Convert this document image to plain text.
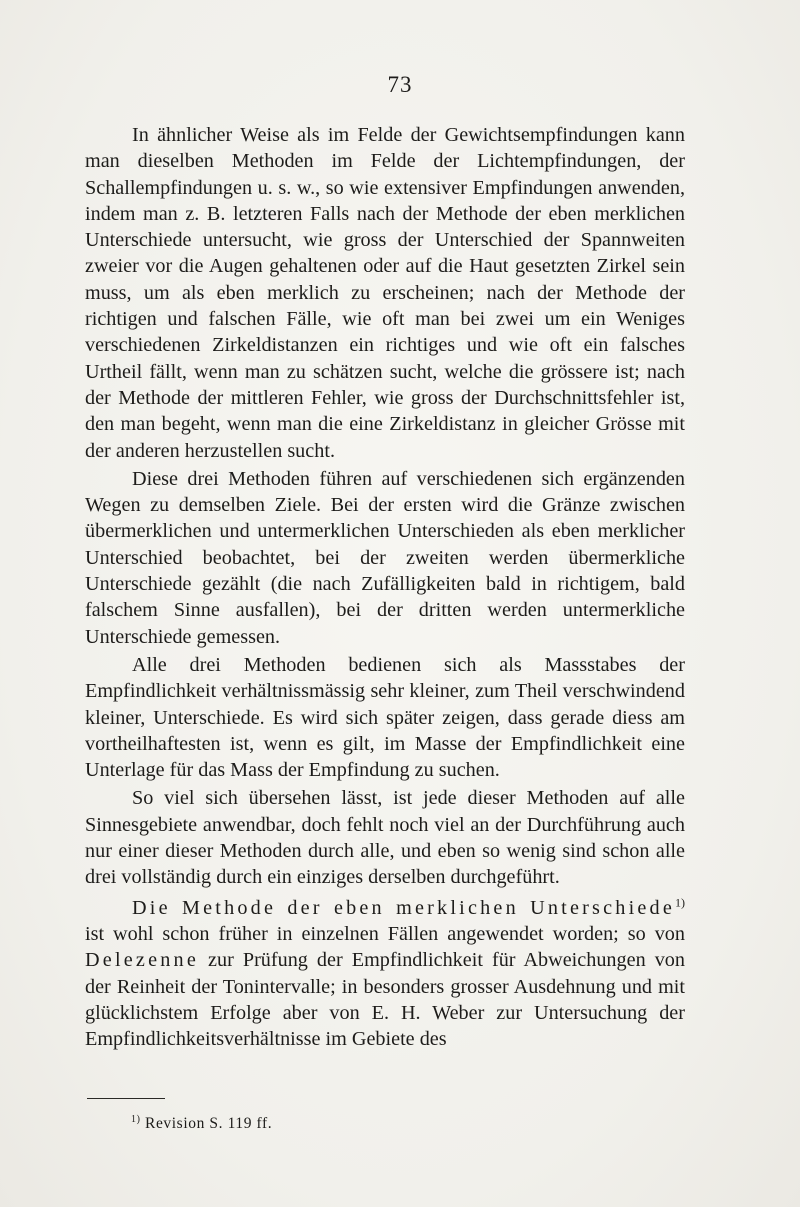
73

In ähnlicher Weise als im Felde der Gewichtsempfindungen kann man dieselben Methoden im Felde der Lichtempfindungen, der Schallempfindungen u. s. w., so wie extensiver Empfindungen anwenden, indem man z. B. letzteren Falls nach der Methode der eben merklichen Unterschiede untersucht, wie gross der Unterschied der Spannweiten zweier vor die Augen gehaltenen oder auf die Haut gesetzten Zirkel sein muss, um als eben merklich zu erscheinen; nach der Methode der richtigen und falschen Fälle, wie oft man bei zwei um ein Weniges verschiedenen Zirkeldistanzen ein richtiges und wie oft ein falsches Urtheil fällt, wenn man zu schätzen sucht, welche die grössere ist; nach der Methode der mittleren Fehler, wie gross der Durchschnittsfehler ist, den man begeht, wenn man die eine Zirkeldistanz in gleicher Grösse mit der anderen herzustellen sucht.

Diese drei Methoden führen auf verschiedenen sich ergänzenden Wegen zu demselben Ziele. Bei der ersten wird die Gränze zwischen übermerklichen und untermerklichen Unterschieden als eben merklicher Unterschied beobachtet, bei der zweiten werden übermerkliche Unterschiede gezählt (die nach Zufälligkeiten bald in richtigem, bald falschem Sinne ausfallen), bei der dritten werden untermerkliche Unterschiede gemessen.

Alle drei Methoden bedienen sich als Massstabes der Empfindlichkeit verhältnissmässig sehr kleiner, zum Theil verschwindend kleiner, Unterschiede. Es wird sich später zeigen, dass gerade diess am vortheilhaftesten ist, wenn es gilt, im Masse der Empfindlichkeit eine Unterlage für das Mass der Empfindung zu suchen.

So viel sich übersehen lässt, ist jede dieser Methoden auf alle Sinnesgebiete anwendbar, doch fehlt noch viel an der Durchführung auch nur einer dieser Methoden durch alle, und eben so wenig sind schon alle drei vollständig durch ein einziges derselben durchgeführt.

Die Methode der eben merklichen Unterschiede$^{1)}$ ist wohl schon früher in einzelnen Fällen angewendet worden; so von Delezenne zur Prüfung der Empfindlichkeit für Abweichungen von der Reinheit der Tonintervalle; in besonders grosser Ausdehnung und mit glücklichstem Erfolge aber von E. H. Weber zur Untersuchung der Empfindlichkeitsverhältnisse im Gebiete des

$^{1)}$ Revision S. 119 ff.
